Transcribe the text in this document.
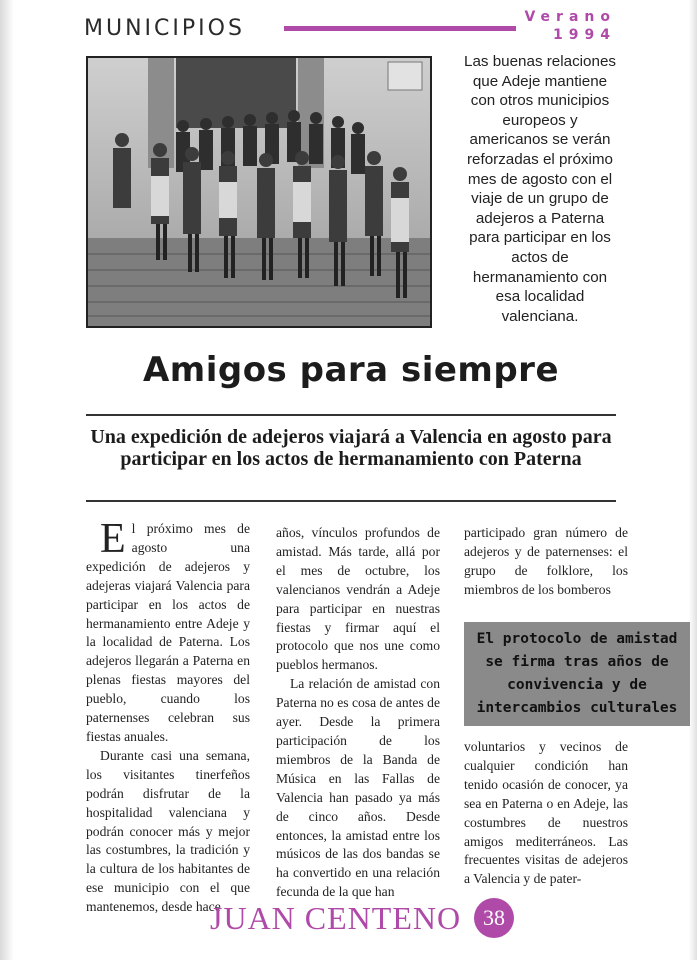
MUNICIPIOS	Verano
1994
Las buenas relaciones que Adeje mantiene con otros municipios europeos y americanos se verán reforzadas el próximo mes de agosto con el viaje de un grupo de adejeros a Paterna para participar en los actos de hermanamiento con esa localidad valenciana.
Amigos para siempre
Una expedición de adejeros viajará a Valencia en agosto para participar en los actos de hermanamiento con Paterna

El próximo mes de agosto una expedición de adejeros y adejeras viajará Valencia para participar en los actos de hermanamiento entre Adeje y la localidad de Paterna. Los adejeros llegarán a Paterna en plenas fiestas mayores del pueblo, cuando los paternenses celebran sus fiestas anuales.

Durante casi una semana, los visitantes tinerfeños podrán disfrutar de la hospitalidad valenciana y podrán conocer más y mejor las costumbres, la tradición y la cultura de los habitantes de ese municipio con el que mantenemos, desde hace

años, vínculos profundos de amistad. Más tarde, allá por el mes de octubre, los valencianos vendrán a Adeje para participar en nuestras fiestas y firmar aquí el protocolo que nos une como pueblos hermanos.

La relación de amistad con Paterna no es cosa de antes de ayer. Desde la primera participación de los miembros de la Banda de Música en las Fallas de Valencia han pasado ya más de cinco años. Desde entonces, la amistad entre los músicos de las dos bandas se ha convertido en una relación fecunda de la que han

participado gran número de adejeros y de paternenses: el grupo de folklore, los miembros de los bomberos

El protocolo de amistad se firma tras años de convivencia y de intercambios culturales

voluntarios y vecinos de cualquier condición han tenido ocasión de conocer, ya sea en Paterna o en Adeje, las costumbres de nuestros amigos mediterráneos. Las frecuentes visitas de adejeros a Valencia y de pater-

JUAN CENTENO 38
